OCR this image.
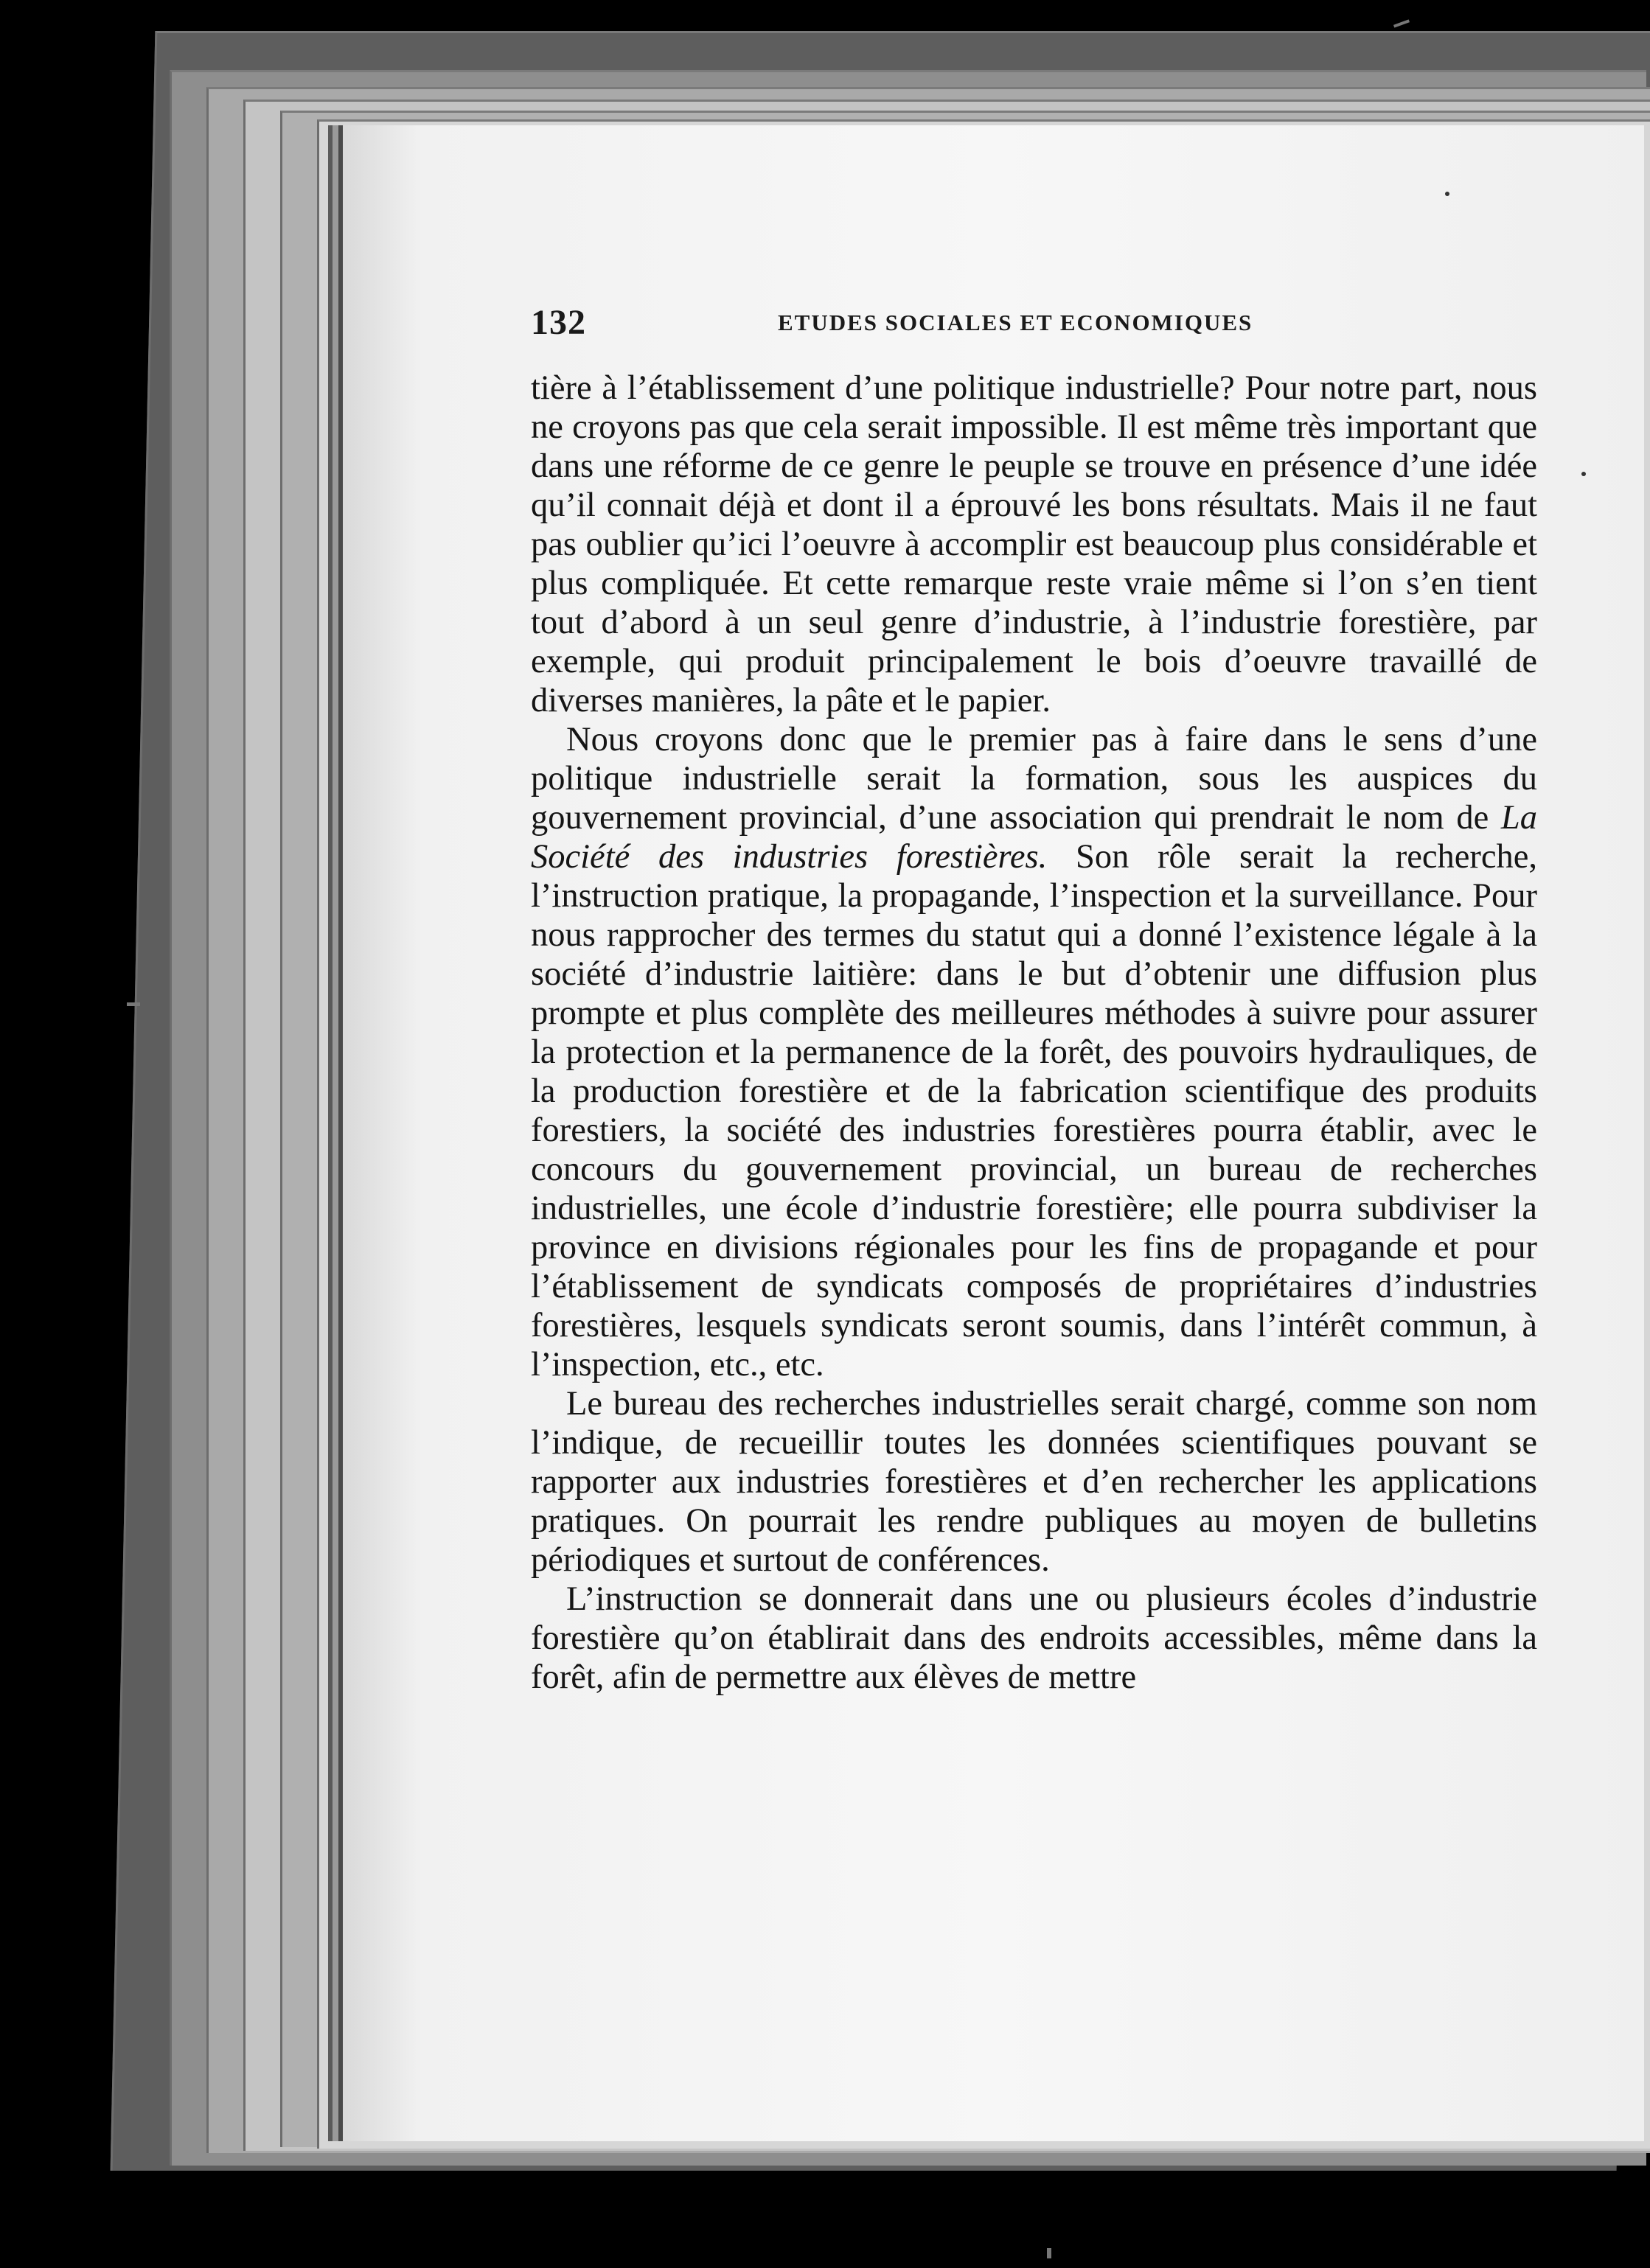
132	ETUDES SOCIALES ET ECONOMIQUES

tière à l’établissement d’une politique industrielle? Pour notre part, nous ne croyons pas que cela serait impossible. Il est même très important que dans une réforme de ce genre le peuple se trouve en présence d’une idée qu’il connait déjà et dont il a éprouvé les bons résultats. Mais il ne faut pas oublier qu’ici l’oeuvre à accomplir est beaucoup plus considérable et plus compliquée. Et cette remarque reste vraie même si l’on s’en tient tout d’abord à un seul genre d’industrie, à l’industrie forestière, par exemple, qui produit principalement le bois d’oeuvre travaillé de diverses manières, la pâte et le papier.

Nous croyons donc que le premier pas à faire dans le sens d’une politique industrielle serait la formation, sous les auspices du gouvernement provincial, d’une association qui prendrait le nom de La Société des industries forestières. Son rôle serait la recherche, l’instruction pratique, la propagande, l’inspection et la surveillance. Pour nous rapprocher des termes du statut qui a donné l’existence légale à la société d’industrie laitière: dans le but d’obtenir une diffusion plus prompte et plus complète des meilleures méthodes à suivre pour assurer la protection et la permanence de la forêt, des pouvoirs hydrauliques, de la production forestière et de la fabrication scientifique des produits forestiers, la société des industries forestières pourra établir, avec le concours du gouvernement provincial, un bureau de recherches industrielles, une école d’industrie forestière; elle pourra subdiviser la province en divisions régionales pour les fins de propagande et pour l’établissement de syndicats composés de propriétaires d’industries forestières, lesquels syndicats seront soumis, dans l’intérêt commun, à l’inspection, etc., etc.

Le bureau des recherches industrielles serait chargé, comme son nom l’indique, de recueillir toutes les données scientifiques pouvant se rapporter aux industries forestières et d’en rechercher les applications pratiques. On pourrait les rendre publiques au moyen de bulletins périodiques et surtout de conférences.

L’instruction se donnerait dans une ou plusieurs écoles d’industrie forestière qu’on établirait dans des endroits accessibles, même dans la forêt, afin de permettre aux élèves de mettre
